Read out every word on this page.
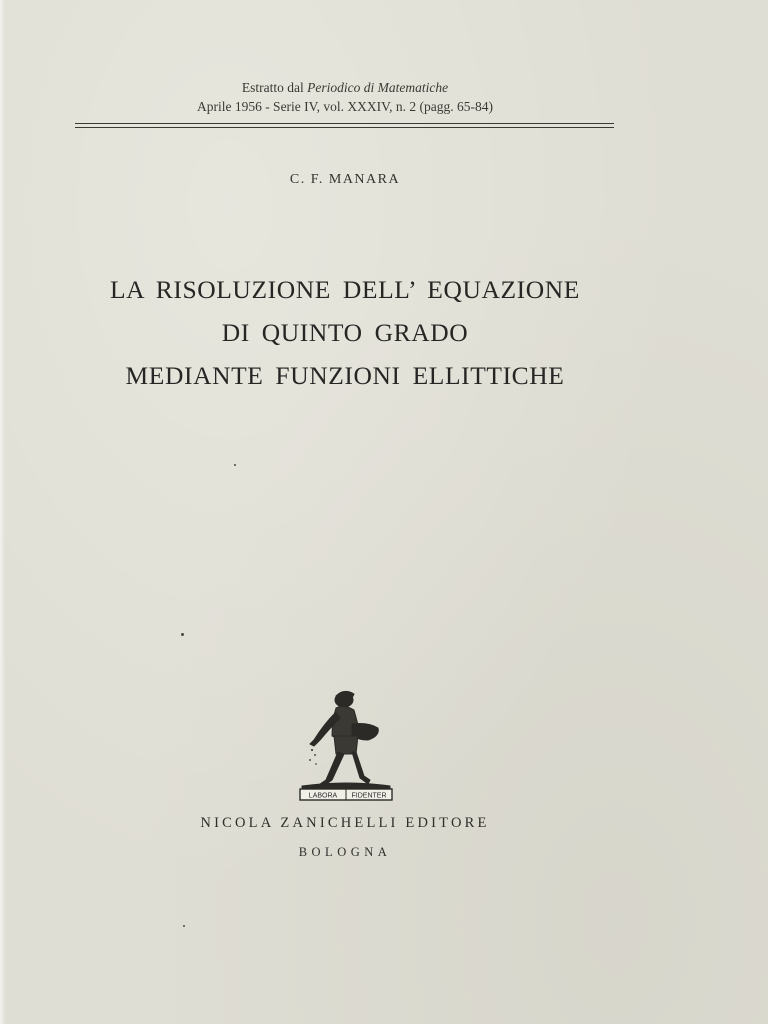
Estratto dal Periodico di Matematiche
Aprile 1956 - Serie IV, vol. XXXIV, n. 2 (pagg. 65-84)
C. F. MANARA
LA RISOLUZIONE DELL’ EQUAZIONE
DI QUINTO GRADO
MEDIANTE FUNZIONI ELLITTICHE
LABORA FIDENTER
NICOLA ZANICHELLI EDITORE
BOLOGNA
